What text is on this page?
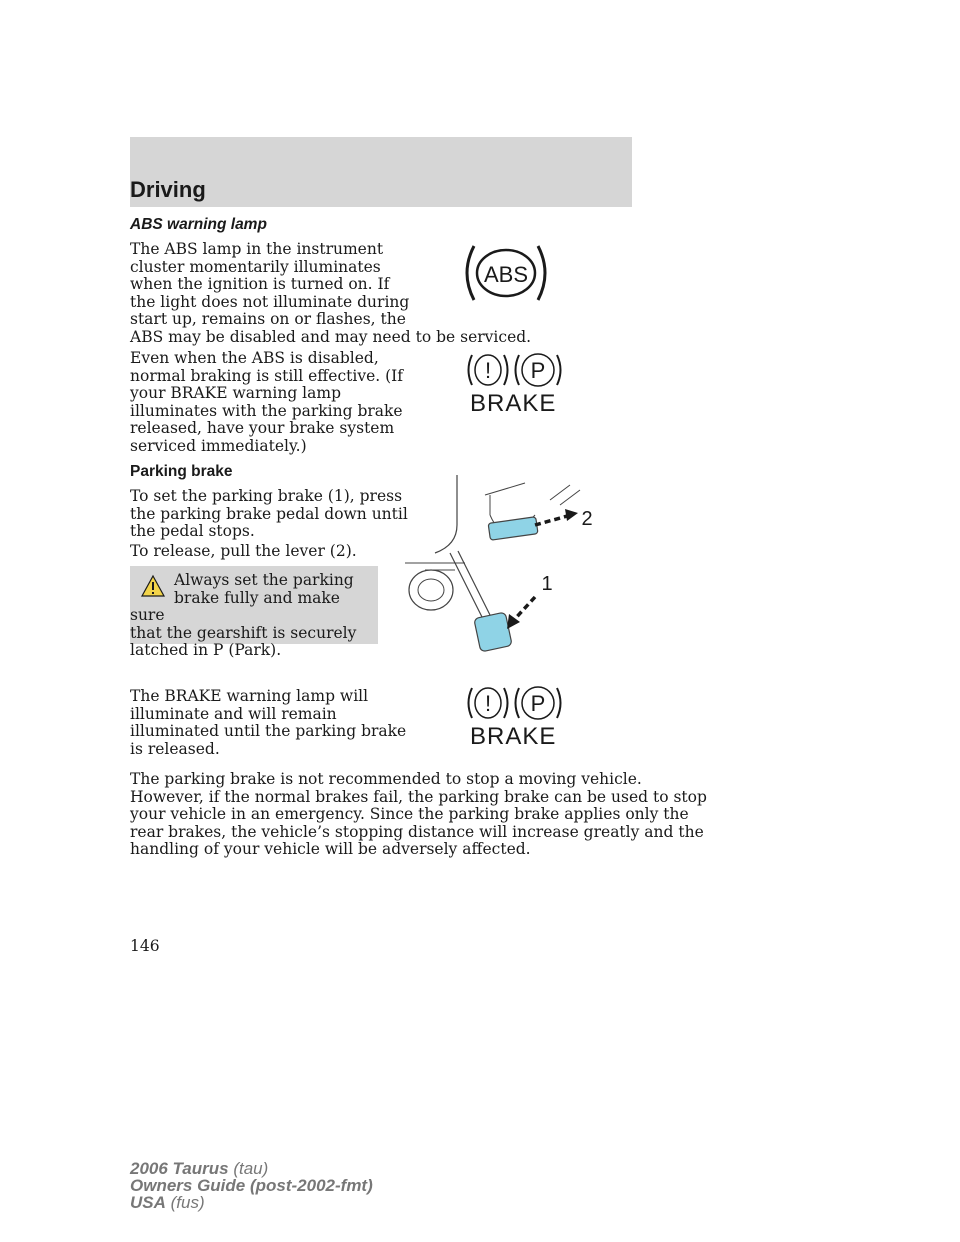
Driving
ABS warning lamp
The ABS lamp in the instrument
cluster momentarily illuminates
when the ignition is turned on. If
the light does not illuminate during
start up, remains on or flashes, the
ABS may be disabled and may need to be serviced.
Even when the ABS is disabled,
normal braking is still effective. (If
your BRAKE warning lamp
illuminates with the parking brake
released, have your brake system
serviced immediately.)
ABS
! P
BRAKE
Parking brake
To set the parking brake (1), press
the parking brake pedal down until
the pedal stops.
To release, pull the lever (2).
Always set the parking
brake fully and make sure
that the gearshift is securely
latched in P (Park).
2
1
The BRAKE warning lamp will
illuminate and will remain
illuminated until the parking brake
is released.
! P
BRAKE
The parking brake is not recommended to stop a moving vehicle.
However, if the normal brakes fail, the parking brake can be used to stop
your vehicle in an emergency. Since the parking brake applies only the
rear brakes, the vehicle’s stopping distance will increase greatly and the
handling of your vehicle will be adversely affected.
146
2006 Taurus (tau)
Owners Guide (post-2002-fmt)
USA (fus)
